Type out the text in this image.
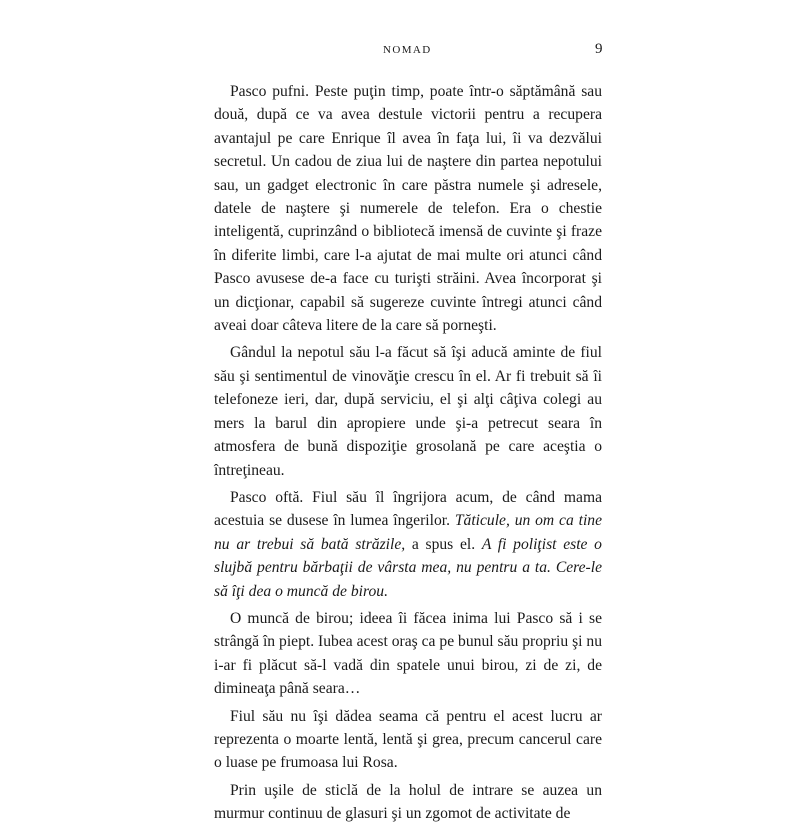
NOMAD	9

Pasco pufni. Peste puţin timp, poate într-o săptămână sau două, după ce va avea destule victorii pentru a recupera avantajul pe care Enrique îl avea în faţa lui, îi va dezvălui secretul. Un cadou de ziua lui de naştere din partea nepotului sau, un gadget electronic în care păstra numele şi adresele, datele de naştere şi numerele de telefon. Era o chestie inteligentă, cuprinzând o bibliotecă imensă de cuvinte şi fraze în diferite limbi, care l-a ajutat de mai multe ori atunci când Pasco avusese de-a face cu turişti străini. Avea încorporat şi un dicţionar, capabil să sugereze cuvinte întregi atunci când aveai doar câteva litere de la care să porneşti.

Gândul la nepotul său l-a făcut să îşi aducă aminte de fiul său şi sentimentul de vinovăţie crescu în el. Ar fi trebuit să îi telefoneze ieri, dar, după serviciu, el şi alţi câţiva colegi au mers la barul din apropiere unde şi-a petrecut seara în atmosfera de bună dispoziţie grosolană pe care aceştia o întreţineau.

Pasco oftă. Fiul său îl îngrijora acum, de când mama acestuia se dusese în lumea îngerilor. Tăticule, un om ca tine nu ar trebui să bată străzile, a spus el. A fi poliţist este o slujbă pentru bărbaţii de vârsta mea, nu pentru a ta. Cere-le să îţi dea o muncă de birou.

O muncă de birou; ideea îi făcea inima lui Pasco să i se strângă în piept. Iubea acest oraş ca pe bunul său propriu şi nu i-ar fi plăcut să-l vadă din spatele unui birou, zi de zi, de dimineaţa până seara…

Fiul său nu îşi dădea seama că pentru el acest lucru ar reprezenta o moarte lentă, lentă şi grea, precum cancerul care o luase pe frumoasa lui Rosa.

Prin uşile de sticlă de la holul de intrare se auzea un murmur continuu de glasuri şi un zgomot de activitate de
